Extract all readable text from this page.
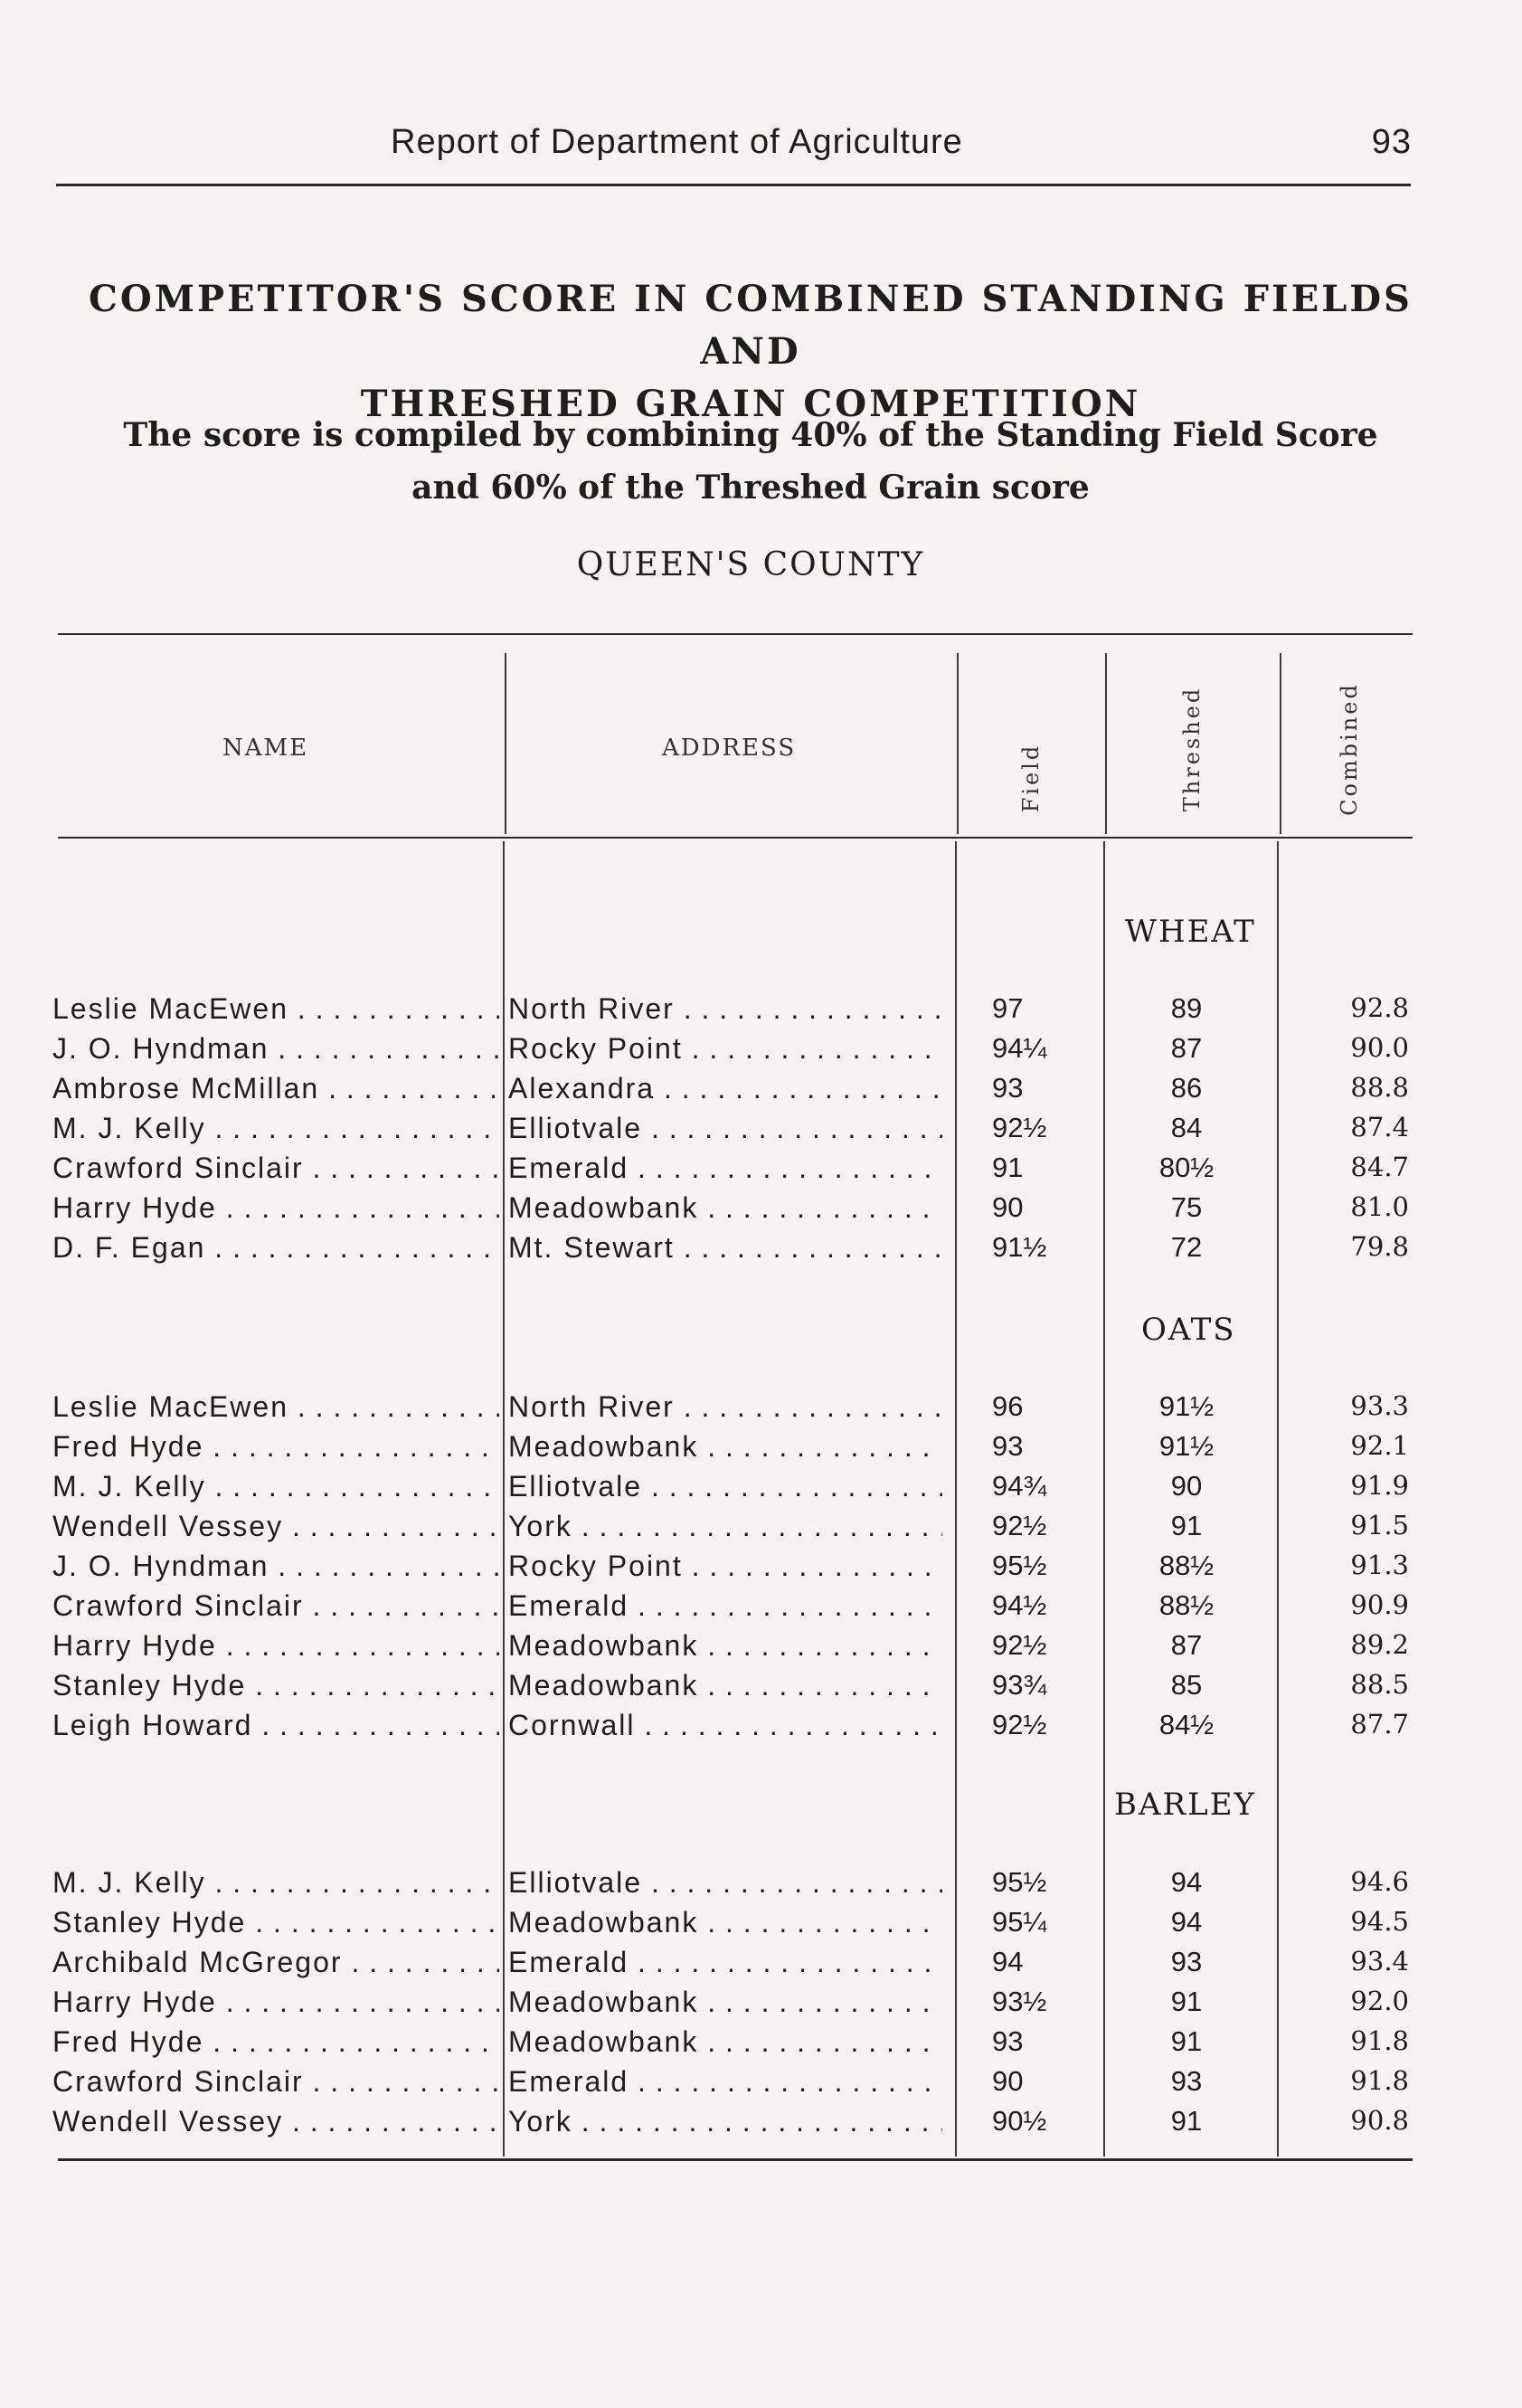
Report of Department of Agriculture	93
COMPETITOR'S SCORE IN COMBINED STANDING FIELDS AND
THRESHED GRAIN COMPETITION
The score is compiled by combining 40% of the Standing Field Score
and 60% of the Threshed Grain score
QUEEN'S COUNTY
NAME	ADDRESS	Field	Threshed	Combined
WHEAT
Leslie MacEwen . . .	North River . . .	97	89	92.8
J. O. Hyndman . . .	Rocky Point . . .	94¼	87	90.0
Ambrose McMillan . . .	Alexandra . . .	93	86	88.8
M. J. Kelly . . .	Elliotvale . . .	92½	84	87.4
Crawford Sinclair . . .	Emerald . . .	91	80½	84.7
Harry Hyde . . .	Meadowbank . . .	90	75	81.0
D. F. Egan . . .	Mt. Stewart . . .	91½	72	79.8
OATS
Leslie MacEwen . . .	North River . . .	96	91½	93.3
Fred Hyde . . .	Meadowbank . . .	93	91½	92.1
M. J. Kelly . . .	Elliotvale . . .	94¾	90	91.9
Wendell Vessey . . .	York . . .	92½	91	91.5
J. O. Hyndman . . .	Rocky Point . . .	95½	88½	91.3
Crawford Sinclair . . .	Emerald . . .	94½	88½	90.9
Harry Hyde . . .	Meadowbank . . .	92½	87	89.2
Stanley Hyde . . .	Meadowbank . . .	93¾	85	88.5
Leigh Howard . . .	Cornwall . . .	92½	84½	87.7
BARLEY
M. J. Kelly . . .	Elliotvale . . .	95½	94	94.6
Stanley Hyde . . .	Meadowbank . . .	95¼	94	94.5
Archibald McGregor . . .	Emerald . . .	94	93	93.4
Harry Hyde . . .	Meadowbank . . .	93½	91	92.0
Fred Hyde . . .	Meadowbank . . .	93	91	91.8
Crawford Sinclair . . .	Emerald . . .	90	93	91.8
Wendell Vessey . . .	York . . .	90½	91	90.8
